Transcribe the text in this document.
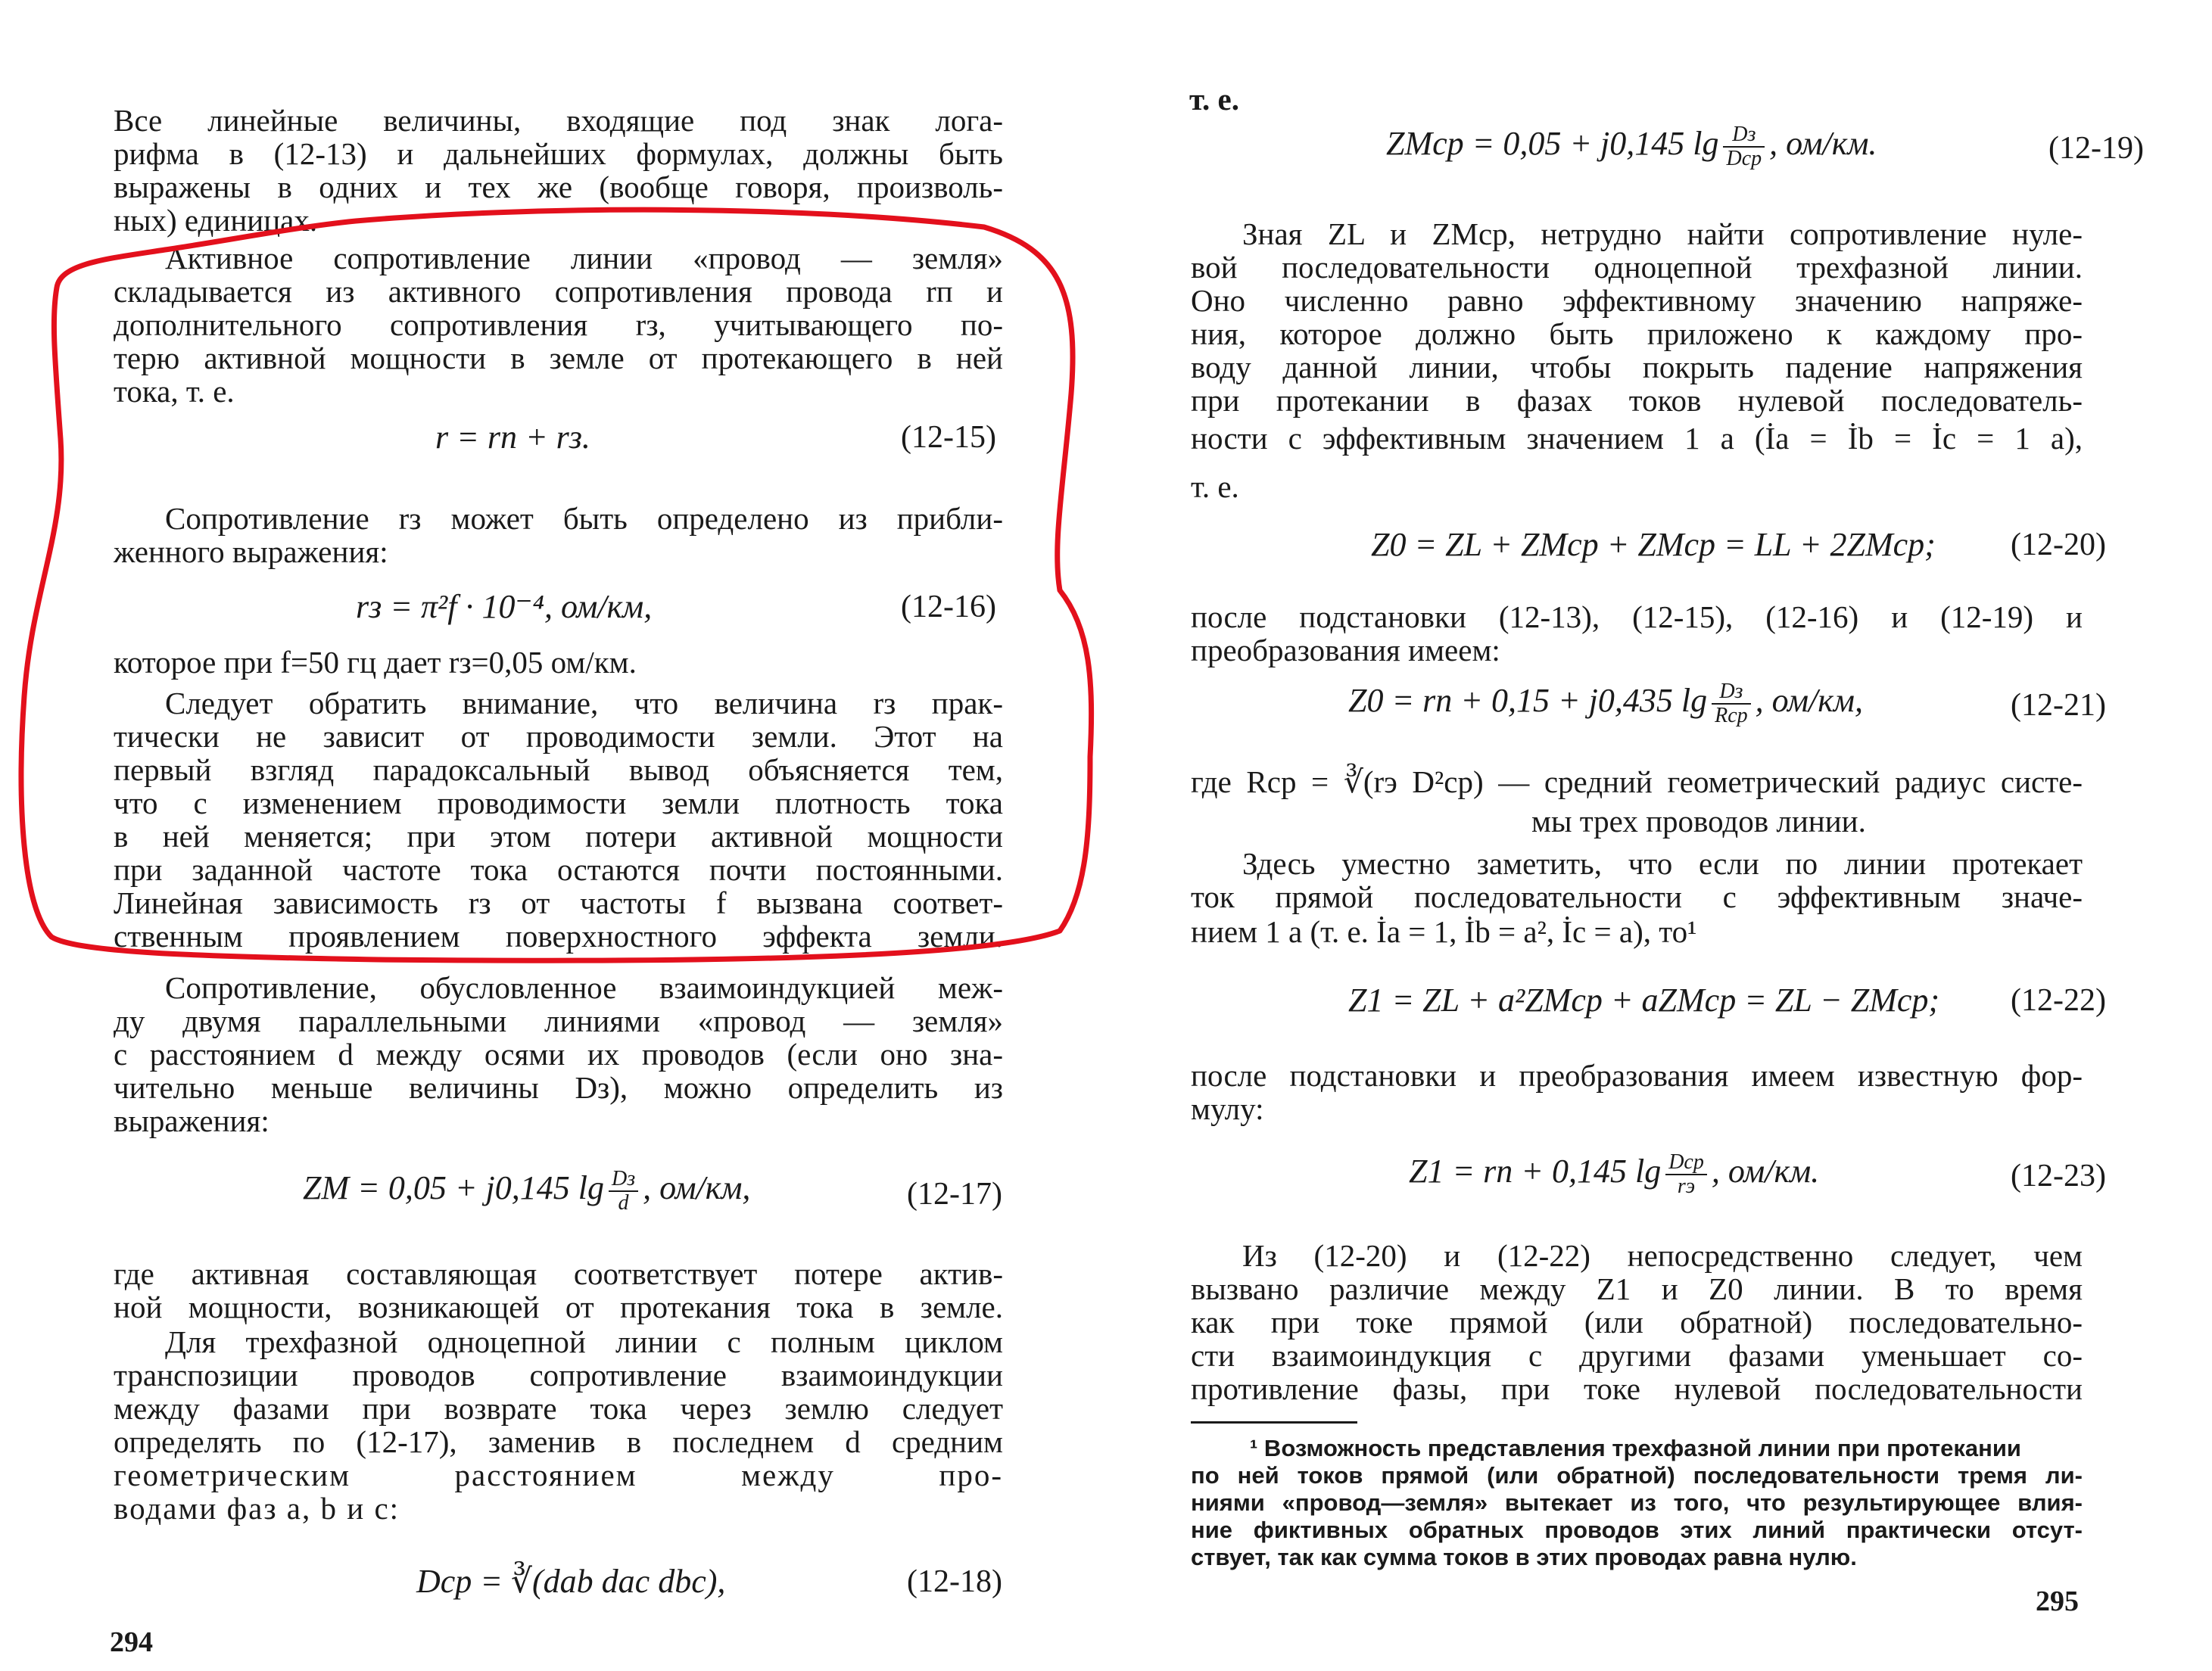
Все линейные величины, входящие под знак лога-
рифма в (12-13) и дальнейших формулах, должны быть
выражены в одних и тех же (вообще говоря, произволь-
ных) единицах.
Активное сопротивление линии «провод — земля»
складывается из активного сопротивления провода rп и
дополнительного сопротивления rз, учитывающего по-
терю активной мощности в земле от протекающего в ней
тока, т. е.
r = rп + rз.	(12-15)
Сопротивление rз может быть определено из прибли-
женного выражения:
rз = π²f · 10⁻⁴, ом/км,	(12-16)
которое при f=50 гц дает rз=0,05 ом/км.
Следует обратить внимание, что величина rз прак-
тически не зависит от проводимости земли. Этот на
первый взгляд парадоксальный вывод объясняется тем,
что с изменением проводимости земли плотность тока
в ней меняется; при этом потери активной мощности
при заданной частоте тока остаются почти постоянными.
Линейная зависимость rз от частоты f вызвана соответ-
ственным проявлением поверхностного эффекта земли.
Сопротивление, обусловленное взаимоиндукцией меж-
ду двумя параллельными линиями «провод — земля»
с расстоянием d между осями их проводов (если оно зна-
чительно меньше величины Dз), можно определить из
выражения:
ZM = 0,05 + j0,145 $\lg \frac{Dз}{d}$ , ом/км,	(12-17)
где активная составляющая соответствует потере актив-
ной мощности, возникающей от протекания тока в земле.
Для трехфазной одноцепной линии с полным циклом
транспозиции проводов сопротивление взаимоиндукции
между фазами при возврате тока через землю следует
определять по (12-17), заменив в последнем d средним
геометрическим расстоянием между про-
водами фаз a, b и c:
Dср = ∛(dab dac dbc),	(12-18)
294
т. е.
ZMср = 0,05 + j0,145 $\lg \frac{Dз}{\text{Dср}}$ , ом/км.	(12-19)
Зная ZL и ZMср, нетрудно найти сопротивление нуле-
вой последовательности одноцепной трехфазной линии.
Оно численно равно эффективному значению напряже-
ния, которое должно быть приложено к каждому про-
воду данной линии, чтобы покрыть падение напряжения
при протекании в фазах токов нулевой последователь-
ности с эффективным значением 1 а (İa = İb = İc = 1 а),
т. е.
Z0 = ZL + ZMср + ZMср = LL + 2ZMср; (12-20)
после подстановки (12-13), (12-15), (12-16) и (12-19) и
преобразования имеем:
Z0 = rп + 0,15 + j0,435 $\lg \frac{Dз}{\text{Rср}}$ , ом/км,	(12-21)
где Rср = ∛(rэ D²ср) — средний геометрический радиус систе-
мы трех проводов линии.
Здесь уместно заметить, что если по линии протекает
ток прямой последовательности с эффективным значе-
нием 1 а (т. е. İa = 1, İb = a², İc = a), то¹
Z1 = ZL + a²ZMср + aZMср = ZL − ZMср; (12-22)
после подстановки и преобразования имеем известную фор-
мулу:
Z1 = rп + 0,145 $\lg \frac{\text{Dср}}{rэ}$ , ом/км.	(12-23)
Из (12-20) и (12-22) непосредственно следует, чем
вызвано различие между Z1 и Z0 линии. В то время
как при токе прямой (или обратной) последовательно-
сти взаимоиндукция с другими фазами уменьшает со-
противление фазы, при токе нулевой последовательности
¹ Возможность представления трехфазной линии при протекании
по ней токов прямой (или обратной) последовательности тремя ли-
ниями «провод—земля» вытекает из того, что результирующее влия-
ние фиктивных обратных проводов этих линий практически отсут-
ствует, так как сумма токов в этих проводах равна нулю.
295
